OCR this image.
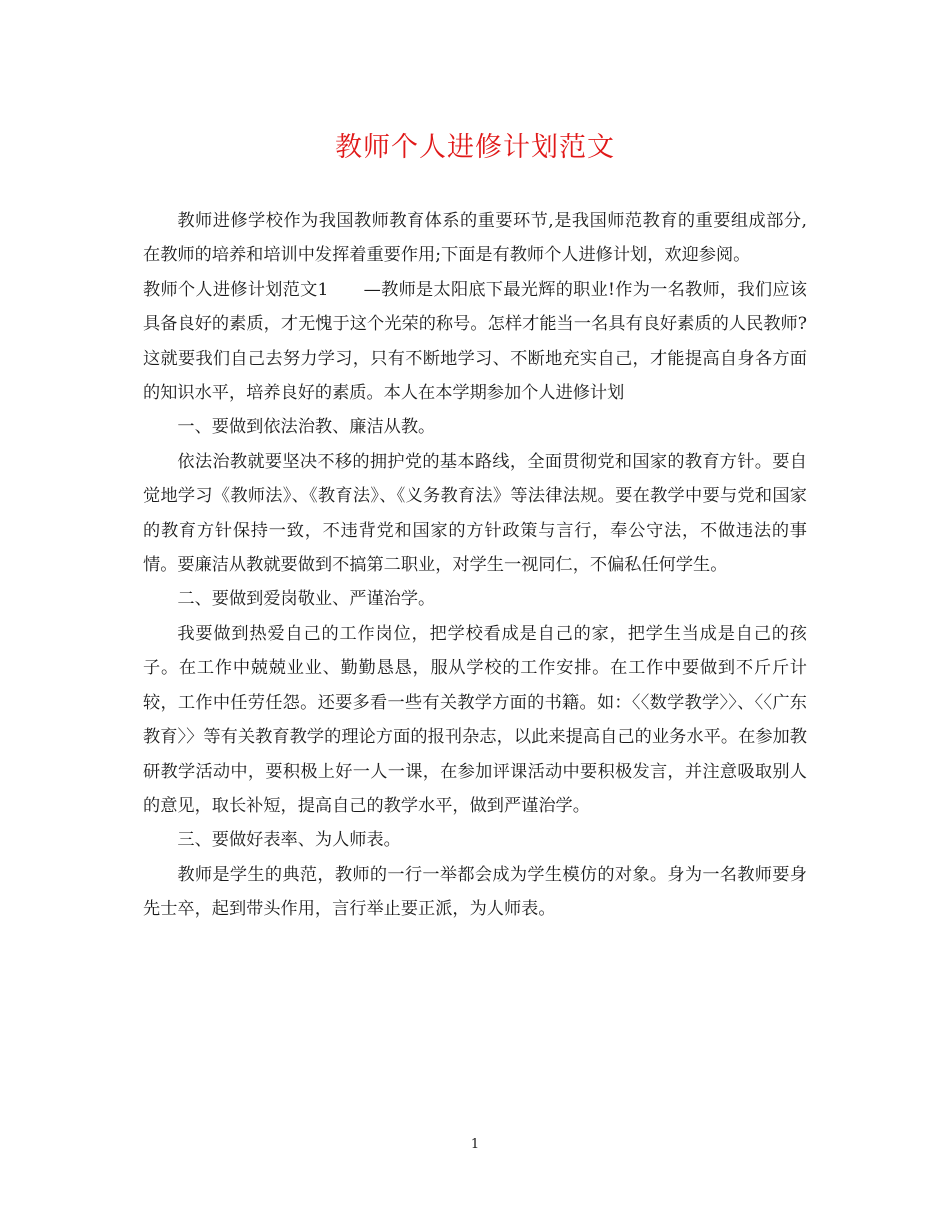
教师个人进修计划范文

教师进修学校作为我国教师教育体系的重要环节,是我国师范教育的重要组成部分,在教师的培养和培训中发挥着重要作用;下面是有教师个人进修计划，欢迎参阅。

教师个人进修计划范文1　　—教师是太阳底下最光辉的职业!作为一名教师，我们应该具备良好的素质，才无愧于这个光荣的称号。怎样才能当一名具有良好素质的人民教师?这就要我们自己去努力学习，只有不断地学习、不断地充实自己，才能提高自身各方面的知识水平，培养良好的素质。本人在本学期参加个人进修计划

一、要做到依法治教、廉洁从教。

依法治教就要坚决不移的拥护党的基本路线，全面贯彻党和国家的教育方针。要自觉地学习《教师法》、《教育法》、《义务教育法》等法律法规。要在教学中要与党和国家的教育方针保持一致，不违背党和国家的方针政策与言行，奉公守法，不做违法的事情。要廉洁从教就要做到不搞第二职业，对学生一视同仁，不偏私任何学生。

二、要做到爱岗敬业、严谨治学。

我要做到热爱自己的工作岗位，把学校看成是自己的家，把学生当成是自己的孩子。在工作中兢兢业业、勤勤恳恳，服从学校的工作安排。在工作中要做到不斤斤计较，工作中任劳任怨。还要多看一些有关教学方面的书籍。如：〈〈数学教学〉〉、〈〈广东教育〉〉等有关教育教学的理论方面的报刊杂志，以此来提高自己的业务水平。在参加教研教学活动中，要积极上好一人一课，在参加评课活动中要积极发言，并注意吸取别人的意见，取长补短，提高自己的教学水平，做到严谨治学。

三、要做好表率、为人师表。

教师是学生的典范，教师的一行一举都会成为学生模仿的对象。身为一名教师要身先士卒，起到带头作用，言行举止要正派，为人师表。

1
